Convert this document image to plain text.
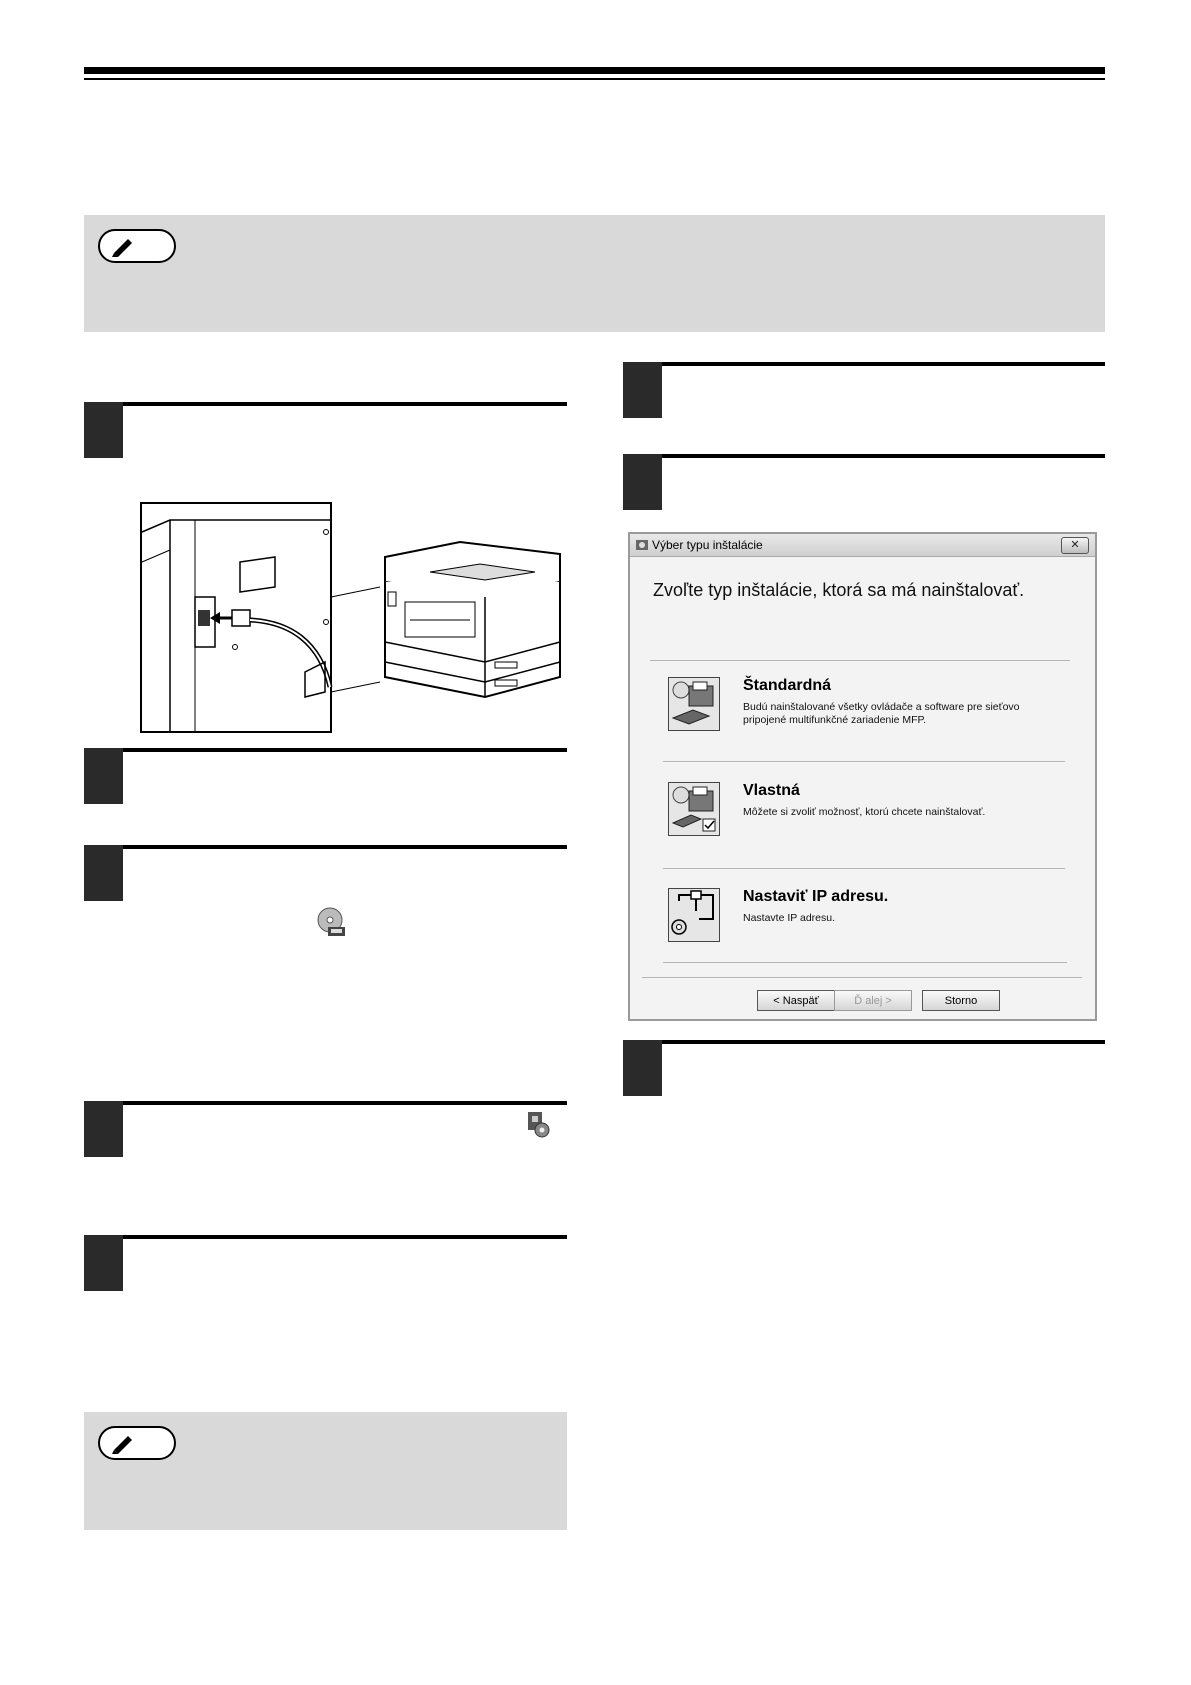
Výber typu inštalácie	✕
Zvoľte typ inštalácie, ktorá sa má nainštalovať.
Štandardná
Budú nainštalované všetky ovládače a software pre sieťovo pripojené multifunkčné zariadenie MFP.
Vlastná
Môžete si zvoliť možnosť, ktorú chcete nainštalovať.
Nastaviť IP adresu.
Nastavte IP adresu.
< Naspäť	Ď alej >	Storno
